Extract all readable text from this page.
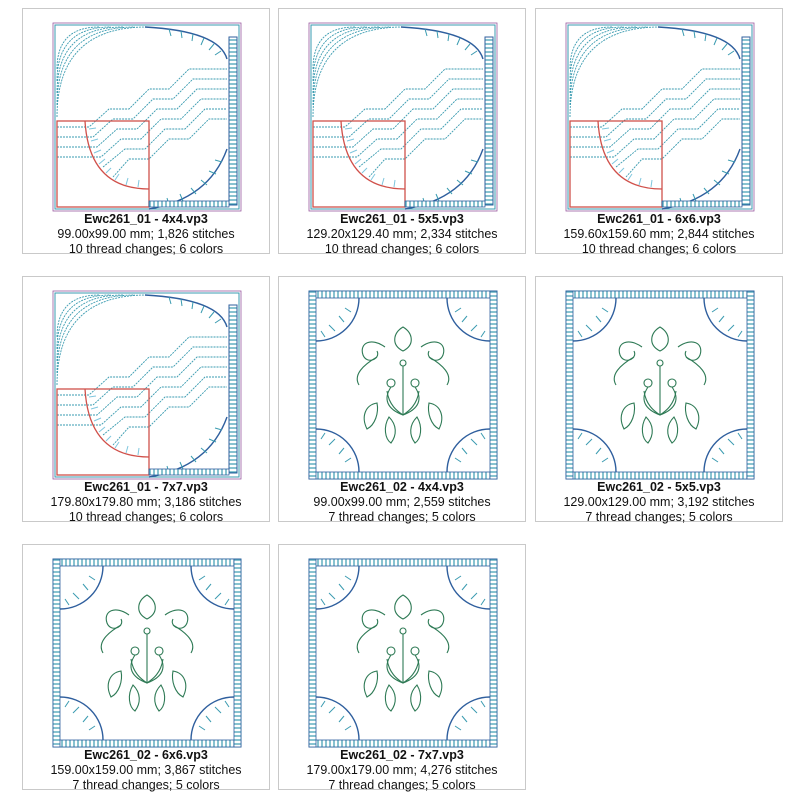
Ewc261_01 - 4x4.vp3
99.00x99.00 mm; 1,826 stitches
10 thread changes; 6 colors
Ewc261_01 - 5x5.vp3
129.20x129.40 mm; 2,334 stitches
10 thread changes; 6 colors
Ewc261_01 - 6x6.vp3
159.60x159.60 mm; 2,844 stitches
10 thread changes; 6 colors
Ewc261_01 - 7x7.vp3
179.80x179.80 mm; 3,186 stitches
10 thread changes; 6 colors
Ewc261_02 - 4x4.vp3
99.00x99.00 mm; 2,559 stitches
7 thread changes; 5 colors
Ewc261_02 - 5x5.vp3
129.00x129.00 mm; 3,192 stitches
7 thread changes; 5 colors
Ewc261_02 - 6x6.vp3
159.00x159.00 mm; 3,867 stitches
7 thread changes; 5 colors
Ewc261_02 - 7x7.vp3
179.00x179.00 mm; 4,276 stitches
7 thread changes; 5 colors
